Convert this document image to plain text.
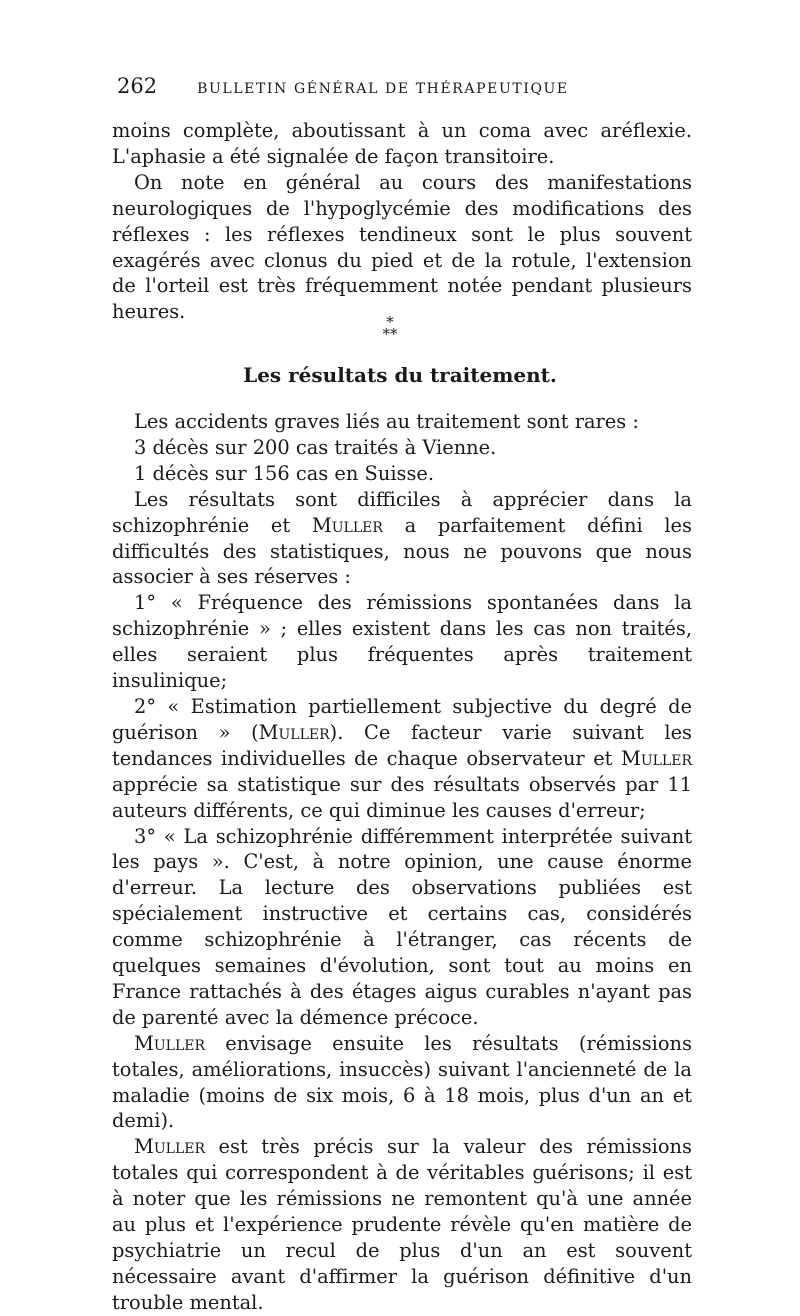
262	BULLETIN GÉNÉRAL DE THÉRAPEUTIQUE

moins complète, aboutissant à un coma avec aréflexie. L'aphasie a été signalée de façon transitoire.

On note en général au cours des manifestations neurologiques de l'hypoglycémie des modifications des réflexes : les réflexes tendineux sont le plus souvent exagérés avec clonus du pied et de la rotule, l'extension de l'orteil est très fréquemment notée pendant plusieurs heures.	*
**
Les résultats du traitement.

Les accidents graves liés au traitement sont rares :

3 décès sur 200 cas traités à Vienne.

1 décès sur 156 cas en Suisse.

Les résultats sont difficiles à apprécier dans la schizophrénie et Muller a parfaitement défini les difficultés des statistiques, nous ne pouvons que nous associer à ses réserves :

1° « Fréquence des rémissions spontanées dans la schizophrénie » ; elles existent dans les cas non traités, elles seraient plus fréquentes après traitement insulinique;

2° « Estimation partiellement subjective du degré de guérison » (Muller). Ce facteur varie suivant les tendances individuelles de chaque observateur et Muller apprécie sa statistique sur des résultats observés par 11 auteurs différents, ce qui diminue les causes d'erreur;

3° « La schizophrénie différemment interprétée suivant les pays ». C'est, à notre opinion, une cause énorme d'erreur. La lecture des observations publiées est spécialement instructive et certains cas, considérés comme schizophrénie à l'étranger, cas récents de quelques semaines d'évolution, sont tout au moins en France rattachés à des étages aigus curables n'ayant pas de parenté avec la démence précoce.

Muller envisage ensuite les résultats (rémissions totales, améliorations, insuccès) suivant l'ancienneté de la maladie (moins de six mois, 6 à 18 mois, plus d'un an et demi).

Muller est très précis sur la valeur des rémissions totales qui correspondent à de véritables guérisons; il est à noter que les rémissions ne remontent qu'à une année au plus et l'expérience prudente révèle qu'en matière de psychiatrie un recul de plus d'un an est souvent nécessaire avant d'affirmer la guérison définitive d'un trouble mental.
